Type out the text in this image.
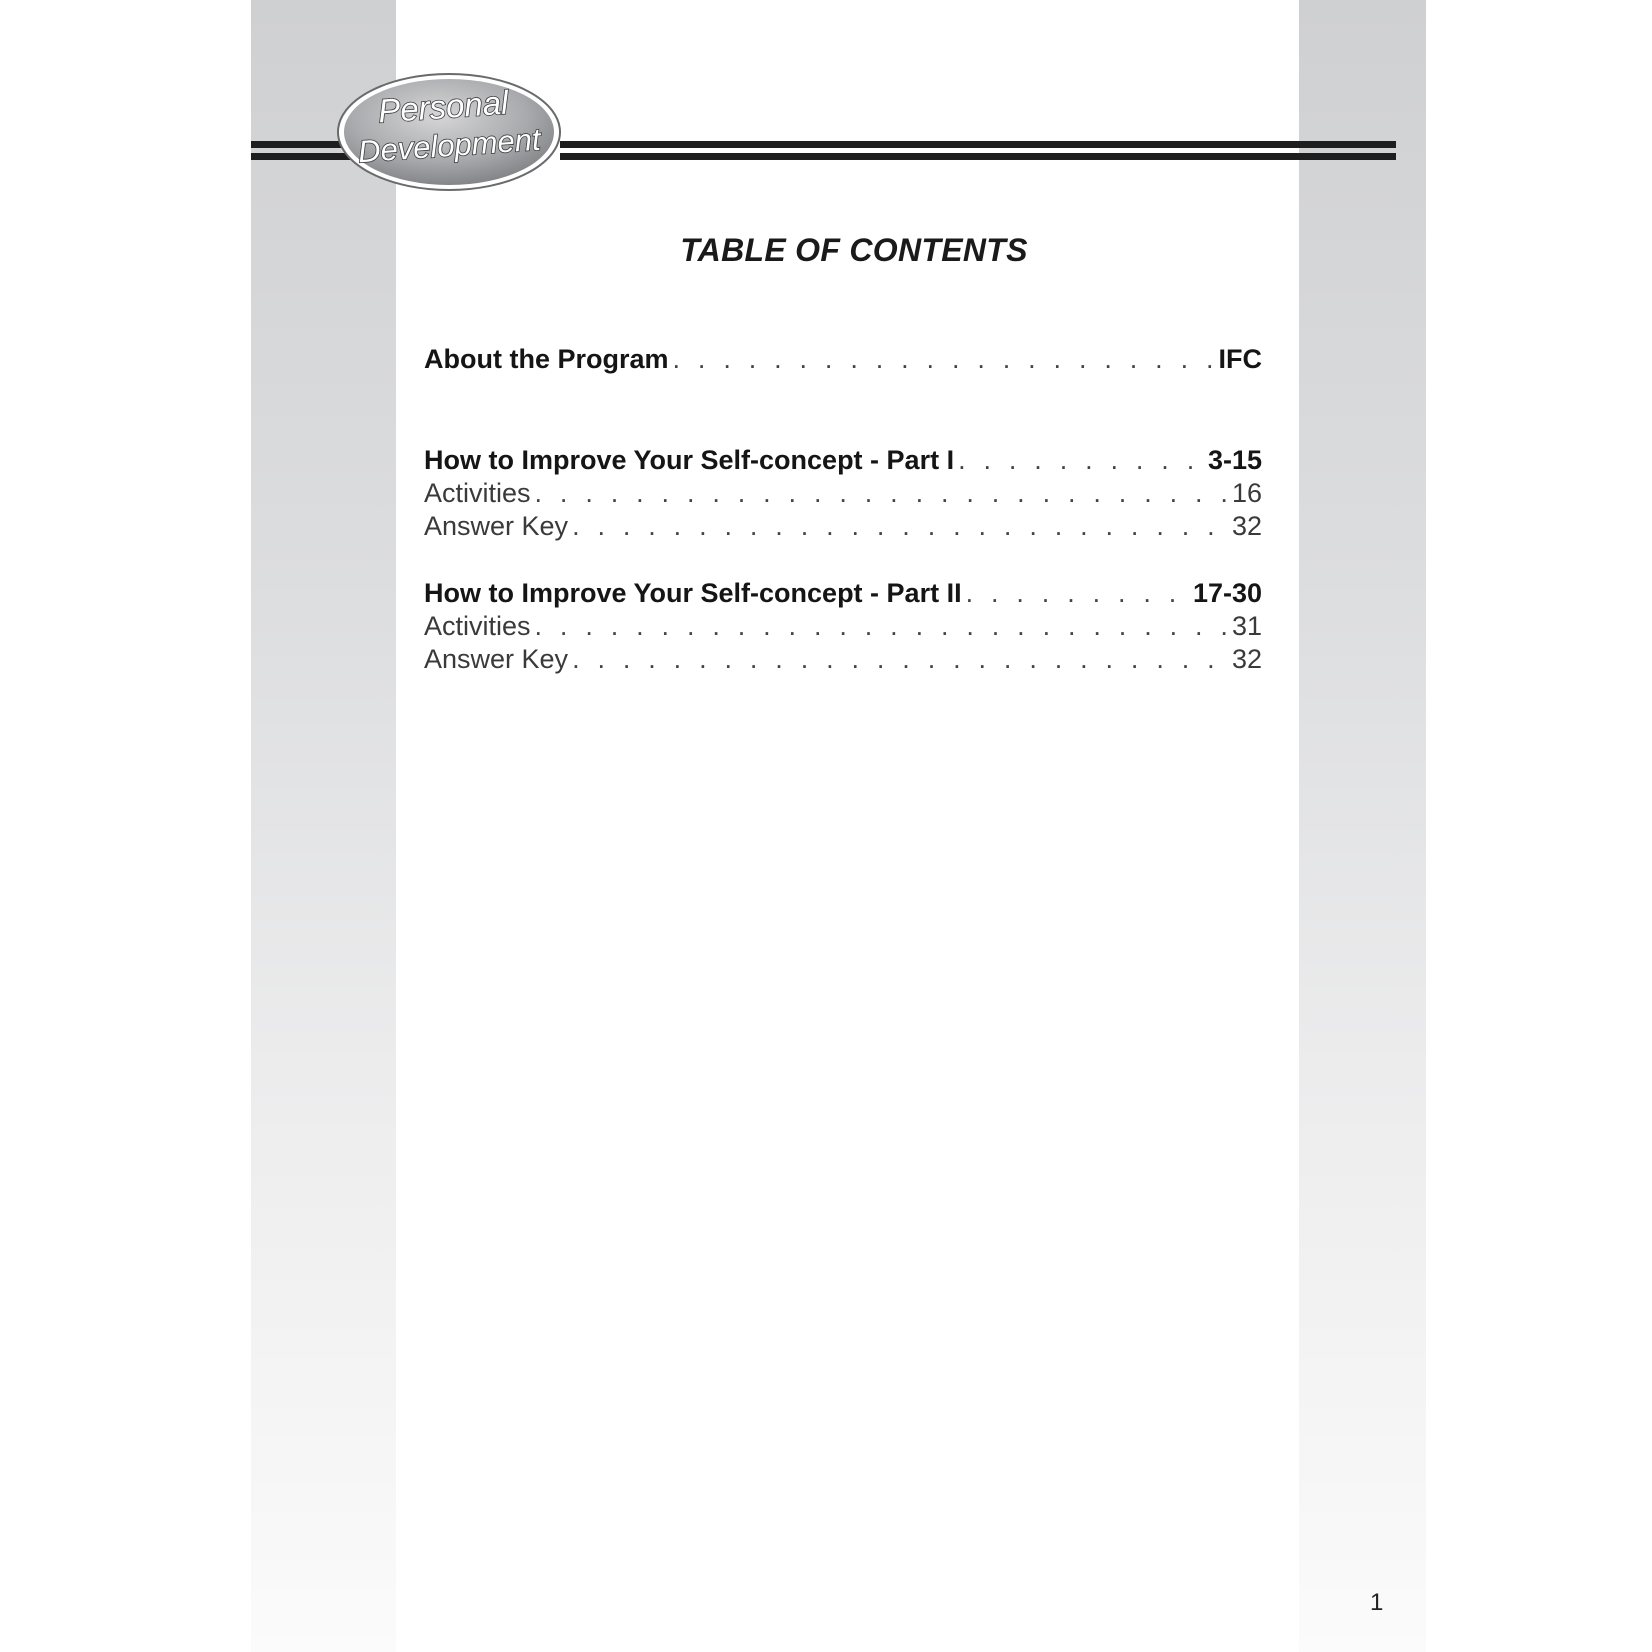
Personal
Development
TABLE OF CONTENTS
About the Program . . .	IFC
How to Improve Your Self-concept - Part I . . .	3-15
Activities . . .	16
Answer Key . . .	32
How to Improve Your Self-concept - Part II . . .	17-30
Activities . . .	31
Answer Key . . .	32
1
